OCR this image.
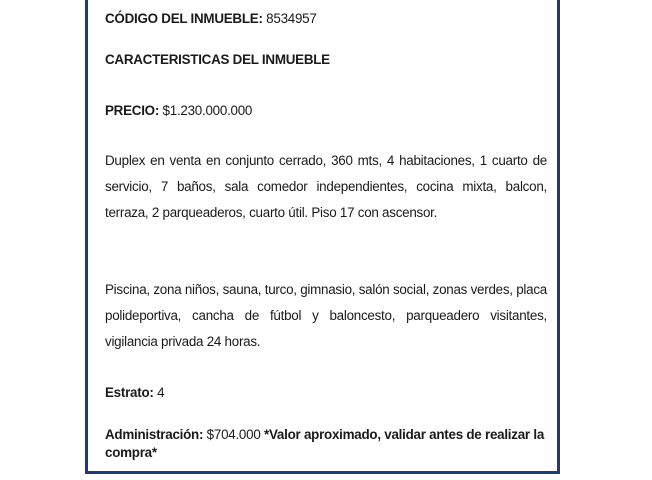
CÓDIGO DEL INMUEBLE: 8534957
CARACTERISTICAS DEL INMUEBLE
PRECIO: $1.230.000.000
Duplex en venta en conjunto cerrado, 360 mts, 4 habitaciones, 1 cuarto de servicio, 7 baños, sala comedor independientes, cocina mixta, balcon, terraza, 2 parqueaderos, cuarto útil. Piso 17 con ascensor.
Piscina, zona niños, sauna, turco, gimnasio, salón social, zonas verdes, placa polideportiva, cancha de fútbol y baloncesto, parqueadero visitantes, vigilancia privada 24 horas.
Estrato: 4
Administración: $704.000 *Valor aproximado, validar antes de realizar la compra*
